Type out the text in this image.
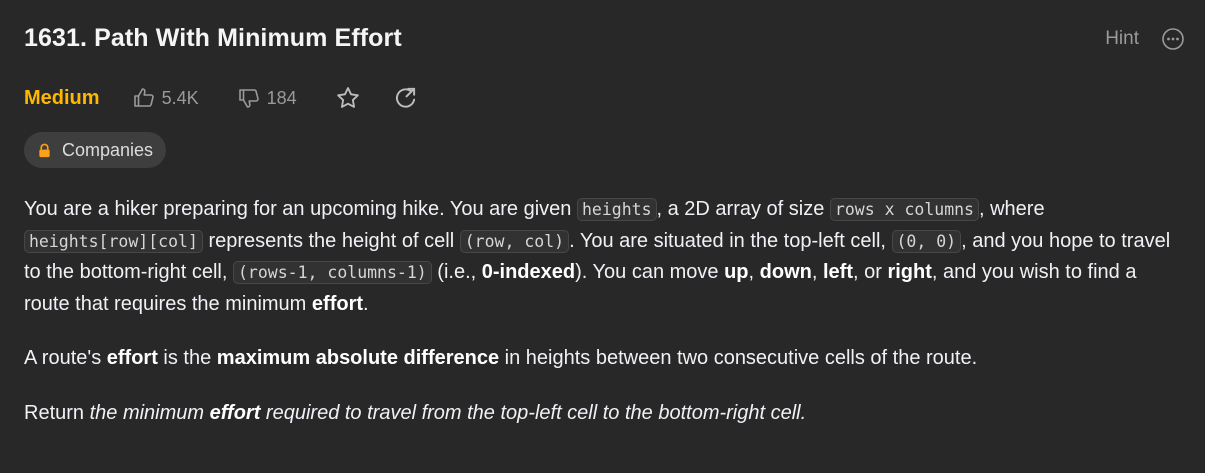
1631. Path With Minimum Effort	Hint
Medium	5.4K	184
Companies

You are a hiker preparing for an upcoming hike. You are given heights , a 2D array of size rows x columns , where
heights[row][col] represents the height of cell (row, col) . You are situated in the top-left cell, (0, 0) , and you hope to travel to the bottom-right cell, (rows-1, columns-1) (i.e., 0-indexed). You can move up, down, left, or right, and you wish to find a route that requires the minimum effort.

A route's effort is the maximum absolute difference in heights between two consecutive cells of the route.

Return the minimum effort required to travel from the top-left cell to the bottom-right cell.
